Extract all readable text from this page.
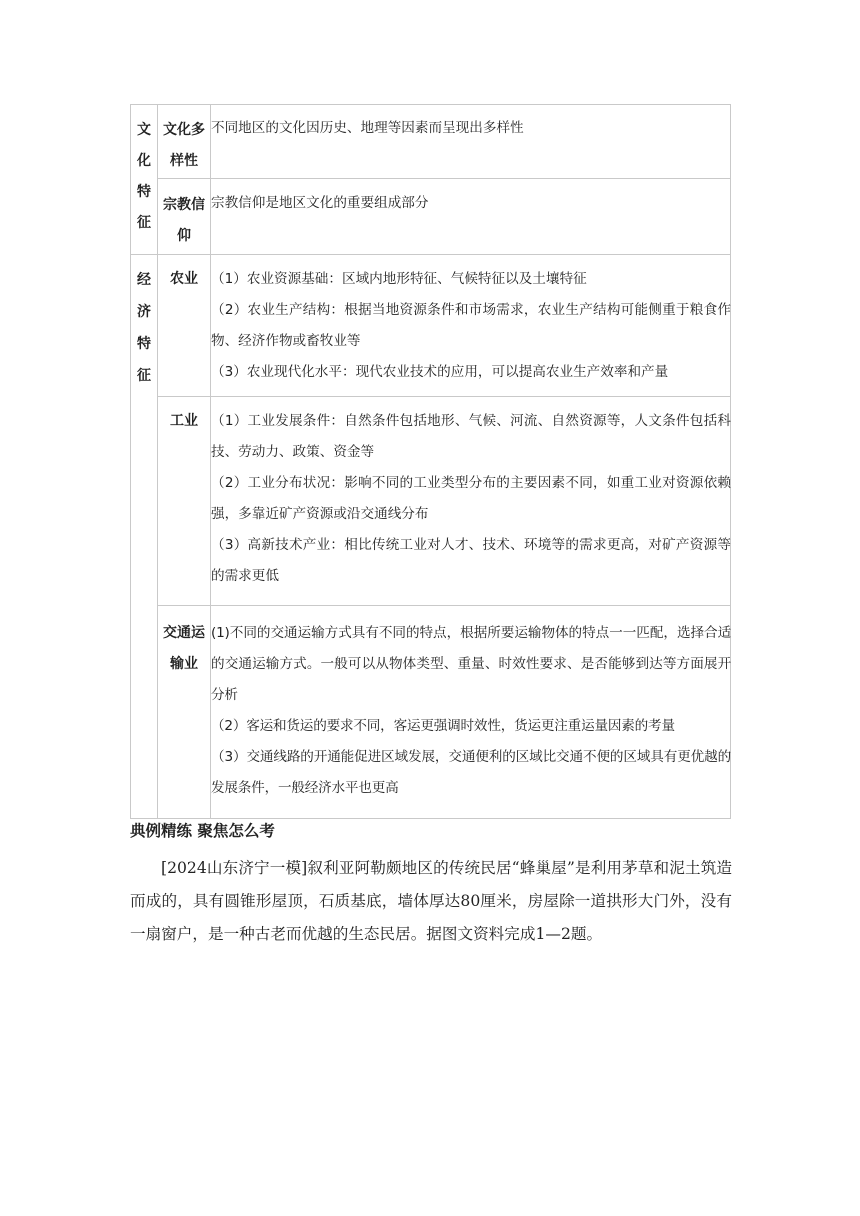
文化特征
文化多样性
不同地区的文化因历史、地理等因素而呈现出多样性
宗教信仰
宗教信仰是地区文化的重要组成部分
经济特征
农业 （1）农业资源基础：区域内地形特征、气候特征以及土壤特征

（2）农业生产结构：根据当地资源条件和市场需求，农业生产结构可能侧重于粮食作物、经济作物或畜牧业等

（3）农业现代化水平：现代农业技术的应用，可以提高农业生产效率和产量

工业 （1）工业发展条件：自然条件包括地形、气候、河流、自然资源等，人文条件包括科技、劳动力、政策、资金等

（2）工业分布状况：影响不同的工业类型分布的主要因素不同，如重工业对资源依赖强，多靠近矿产资源或沿交通线分布

（3）高新技术产业：相比传统工业对人才、技术、环境等的需求更高，对矿产资源等的需求更低

交通运输业

(1)不同的交通运输方式具有不同的特点，根据所要运输物体的特点一一匹配，选择合适的交通运输方式。一般可以从物体类型、重量、时效性要求、是否能够到达等方面展开分析

（2）客运和货运的要求不同，客运更强调时效性，货运更注重运量因素的考量

（3）交通线路的开通能促进区域发展，交通便利的区域比交通不便的区域具有更优越的发展条件，一般经济水平也更高

典例精练 聚焦怎么考
[2024山东济宁一模]叙利亚阿勒颇地区的传统民居“蜂巢屋”是利用茅草和泥土筑造而成的，具有圆锥形屋顶，石质基底，墙体厚达80厘米，房屋除一道拱形大门外，没有一扇窗户，是一种古老而优越的生态民居。据图文资料完成1—2题。
